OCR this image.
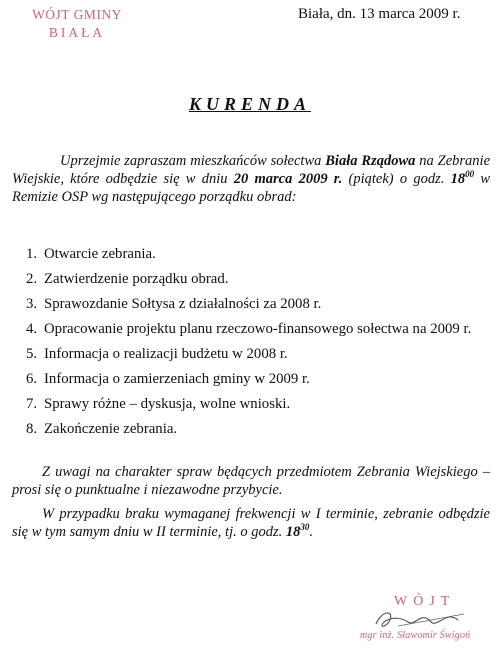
WÓJT GMINY
BIAŁA
Biała, dn. 13 marca 2009 r.
KURENDA
Uprzejmie zapraszam mieszkańców sołectwa Biała Rządowa na Zebranie Wiejskie, które odbędzie się w dniu 20 marca 2009 r. (piątek) o godz. $18^{00}$ w Remizie OSP wg następującego porządku obrad:
1. Otwarcie zebrania.
2. Zatwierdzenie porządku obrad.
3. Sprawozdanie Sołtysa z działalności za 2008 r.
4. Opracowanie projektu planu rzeczowo-finansowego sołectwa na 2009 r.
5. Informacja o realizacji budżetu w 2008 r.
6. Informacja o zamierzeniach gminy w 2009 r.
7. Sprawy różne – dyskusja, wolne wnioski.
8. Zakończenie zebrania.
Z uwagi na charakter spraw będących przedmiotem Zebrania Wiejskiego – prosi się o punktualne i niezawodne przybycie.
W przypadku braku wymaganej frekwencji w I terminie, zebranie odbędzie się w tym samym dniu w II terminie, tj. o godz. $18^{30}$.
WÓJT
mgr inż. Sławomir Świgoń
